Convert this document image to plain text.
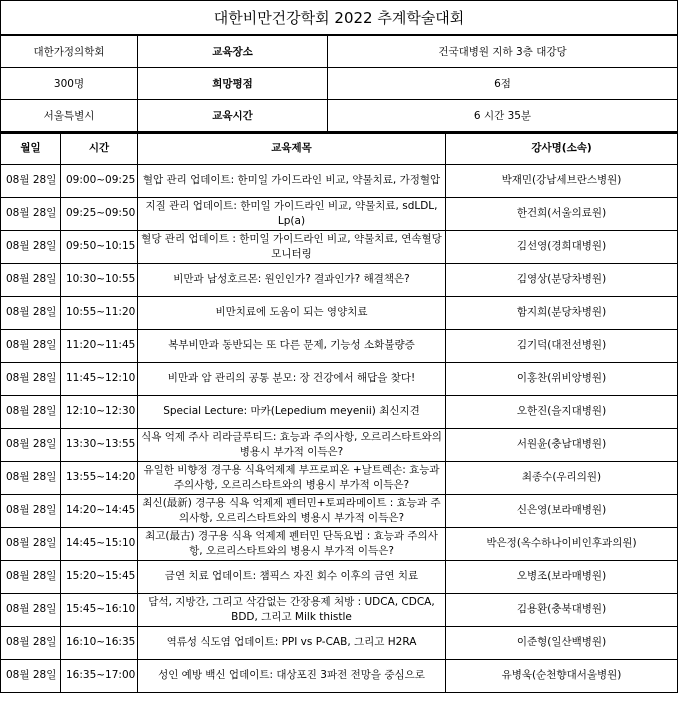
대한비만건강학회 2022 추계학술대회		
대한가정의학회	교육장소	건국대병원 지하 3층 대강당
300명	희망평점	6점
서울특별시	교육시간	6 시간 35분
월일	시간	교육제목	강사명(소속)
08월 28일	09:00~09:25	혈압 관리 업데이트: 한미일 가이드라인 비교, 약물치료, 가정혈압	박재민(강남세브란스병원)
08월 28일	09:25~09:50	지질 관리 업데이트: 한미일 가이드라인 비교, 약물치료, sdLDL, Lp(a)	한건희(서울의료원)
08월 28일	09:50~10:15	혈당 관리 업데이트 : 한미일 가이드라인 비교, 약물치료, 연속혈당모니터링	김선영(경희대병원)
08월 28일	10:30~10:55	비만과 남성호르몬: 원인인가? 결과인가? 해결책은?	김영상(분당차병원)
08월 28일	10:55~11:20	비만치료에 도움이 되는 영양치료	함지희(분당차병원)
08월 28일	11:20~11:45	복부비만과 동반되는 또 다른 문제, 기능성 소화불량증	김기덕(대전선병원)
08월 28일	11:45~12:10	비만과 암 관리의 공통 분모: 장 건강에서 해답을 찾다!	이홍찬(위비앙병원)
08월 28일	12:10~12:30	Special Lecture: 마카(Lepedium meyenii) 최신지견	오한진(을지대병원)
08월 28일	13:30~13:55	식욕 억제 주사 리라글루티드: 효능과 주의사항, 오르리스타트와의 병용시 부가적 이득은?	서원윤(충남대병원)
08월 28일	13:55~14:20	유일한 비향정 경구용 식욕억제제 부프로피온 +날트렉손: 효능과 주의사항, 오르리스타트와의 병용시 부가적 이득은?	최종수(우리의원)
08월 28일	14:20~14:45	최신(最新) 경구용 식욕 억제제 펜터민+토피라메이트 : 효능과 주의사항, 오르리스타트와의 병용시 부가적 이득은?	신은영(보라매병원)
08월 28일	14:45~15:10	최고(最古) 경구용 식욕 억제제 펜터민 단독요법 : 효능과 주의사항, 오르리스타트와의 병용시 부가적 이득은?	박은정(옥수하나이비인후과의원)
08월 28일	15:20~15:45	금연 치료 업데이트: 챔픽스 자진 회수 이후의 금연 치료	오병조(보라매병원)
08월 28일	15:45~16:10	담석, 지방간, 그리고 삭감없는 간장용제 처방 : UDCA, CDCA, BDD, 그리고 Milk thistle	김용환(충북대병원)
08월 28일	16:10~16:35	역류성 식도염 업데이트: PPI vs P-CAB, 그리고 H2RA	이준형(일산백병원)
08월 28일	16:35~17:00	성인 예방 백신 업데이트: 대상포진 3파전 전망을 중심으로	유병욱(순천향대서울병원)
